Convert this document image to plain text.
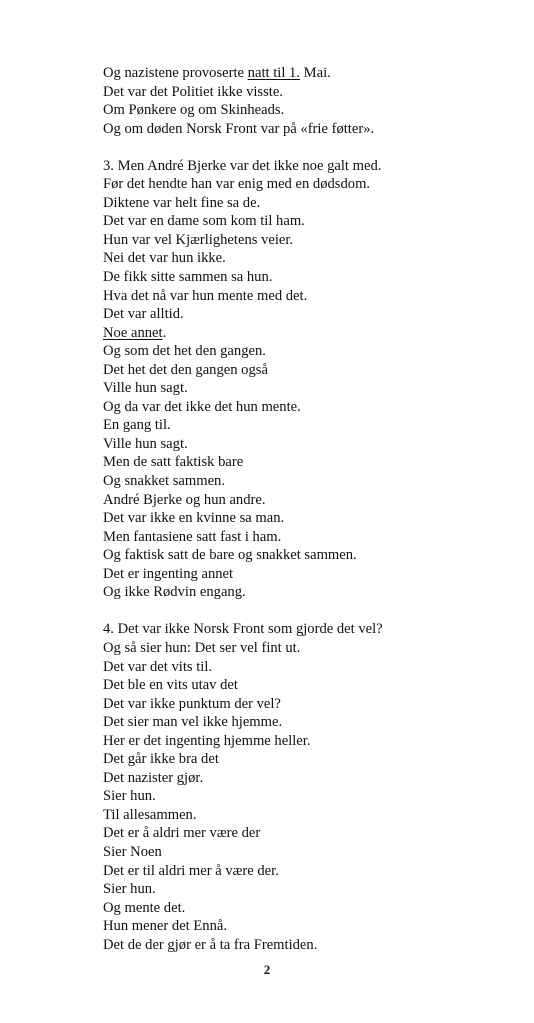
Og nazistene provoserte natt til 1. Mai.
Det var det Politiet ikke visste.
Om Pønkere og om Skinheads.
Og om døden Norsk Front var på «frie føtter».
3. Men André Bjerke var det ikke noe galt med.
Før det hendte han var enig med en dødsdom.
Diktene var helt fine sa de.
Det var en dame som kom til ham.
Hun var vel Kjærlighetens veier.
Nei det var hun ikke.
De fikk sitte sammen sa hun.
Hva det nå var hun mente med det.
Det var alltid.
Noe annet.
Og som det het den gangen.
Det het det den gangen også
Ville hun sagt.
Og da var det ikke det hun mente.
En gang til.
Ville hun sagt.
Men de satt faktisk bare
Og snakket sammen.
André Bjerke og hun andre.
Det var ikke en kvinne sa man.
Men fantasiene satt fast i ham.
Og faktisk satt de bare og snakket sammen.
Det er ingenting annet
Og ikke Rødvin engang.
4. Det var ikke Norsk Front som gjorde det vel?
Og så sier hun: Det ser vel fint ut.
Det var det vits til.
Det ble en vits utav det
Det var ikke punktum der vel?
Det sier man vel ikke hjemme.
Her er det ingenting hjemme heller.
Det går ikke bra det
Det nazister gjør.
Sier hun.
Til allesammen.
Det er å aldri mer være der
Sier Noen
Det er til aldri mer å være der.
Sier hun.
Og mente det.
Hun mener det Ennå.
Det de der gjør er å ta fra Fremtiden.
2
